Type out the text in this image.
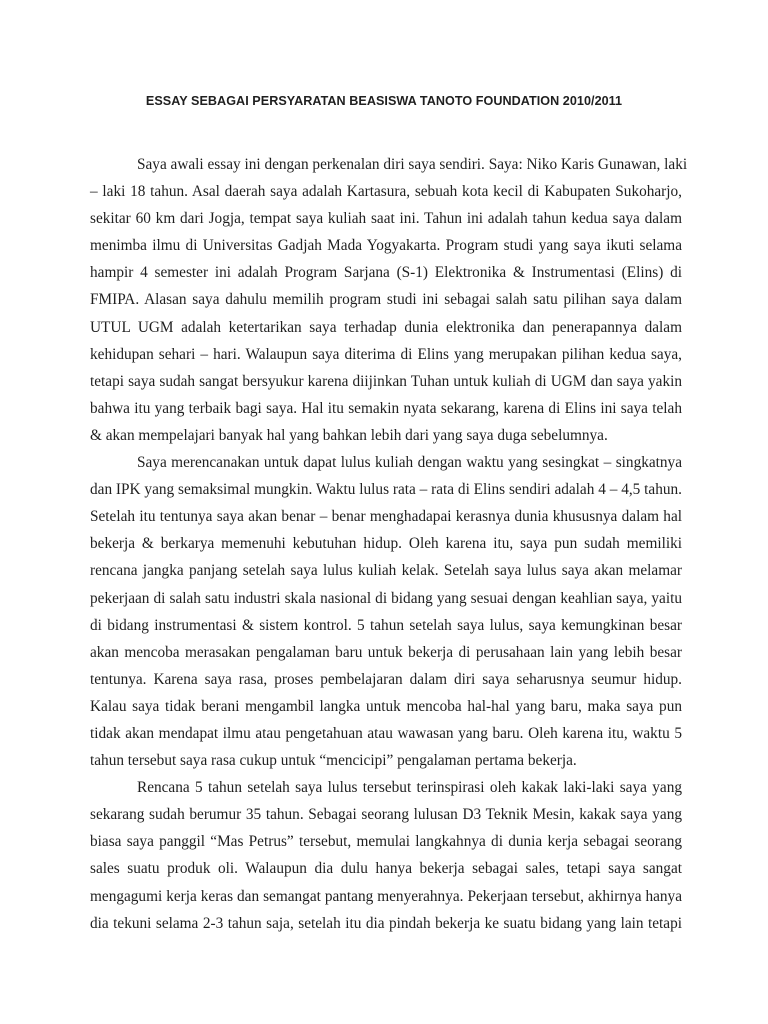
ESSAY SEBAGAI PERSYARATAN BEASISWA TANOTO FOUNDATION 2010/2011

Saya awali essay ini dengan perkenalan diri saya sendiri. Saya: Niko Karis Gunawan, laki
– laki 18 tahun. Asal daerah saya adalah Kartasura, sebuah kota kecil di Kabupaten Sukoharjo,
sekitar 60 km dari Jogja, tempat saya kuliah saat ini. Tahun ini adalah tahun kedua saya dalam
menimba ilmu di Universitas Gadjah Mada Yogyakarta. Program studi yang saya ikuti selama
hampir 4 semester ini adalah Program Sarjana (S-1) Elektronika & Instrumentasi (Elins) di
FMIPA. Alasan saya dahulu memilih program studi ini sebagai salah satu pilihan saya dalam
UTUL UGM adalah ketertarikan saya terhadap dunia elektronika dan penerapannya dalam
kehidupan sehari – hari. Walaupun saya diterima di Elins yang merupakan pilihan kedua saya,
tetapi saya sudah sangat bersyukur karena diijinkan Tuhan untuk kuliah di UGM dan saya yakin
bahwa itu yang terbaik bagi saya. Hal itu semakin nyata sekarang, karena di Elins ini saya telah
& akan mempelajari banyak hal yang bahkan lebih dari yang saya duga sebelumnya.

Saya merencanakan untuk dapat lulus kuliah dengan waktu yang sesingkat – singkatnya
dan IPK yang semaksimal mungkin. Waktu lulus rata – rata di Elins sendiri adalah 4 – 4,5 tahun.
Setelah itu tentunya saya akan benar – benar menghadapai kerasnya dunia khususnya dalam hal
bekerja & berkarya memenuhi kebutuhan hidup. Oleh karena itu, saya pun sudah memiliki
rencana jangka panjang setelah saya lulus kuliah kelak. Setelah saya lulus saya akan melamar
pekerjaan di salah satu industri skala nasional di bidang yang sesuai dengan keahlian saya, yaitu
di bidang instrumentasi & sistem kontrol. 5 tahun setelah saya lulus, saya kemungkinan besar
akan mencoba merasakan pengalaman baru untuk bekerja di perusahaan lain yang lebih besar
tentunya. Karena saya rasa, proses pembelajaran dalam diri saya seharusnya seumur hidup.
Kalau saya tidak berani mengambil langka untuk mencoba hal-hal yang baru, maka saya pun
tidak akan mendapat ilmu atau pengetahuan atau wawasan yang baru. Oleh karena itu, waktu 5
tahun tersebut saya rasa cukup untuk “mencicipi” pengalaman pertama bekerja.

Rencana 5 tahun setelah saya lulus tersebut terinspirasi oleh kakak laki-laki saya yang
sekarang sudah berumur 35 tahun. Sebagai seorang lulusan D3 Teknik Mesin, kakak saya yang
biasa saya panggil “Mas Petrus” tersebut, memulai langkahnya di dunia kerja sebagai seorang
sales suatu produk oli. Walaupun dia dulu hanya bekerja sebagai sales, tetapi saya sangat
mengagumi kerja keras dan semangat pantang menyerahnya. Pekerjaan tersebut, akhirnya hanya
dia tekuni selama 2-3 tahun saja, setelah itu dia pindah bekerja ke suatu bidang yang lain tetapi
